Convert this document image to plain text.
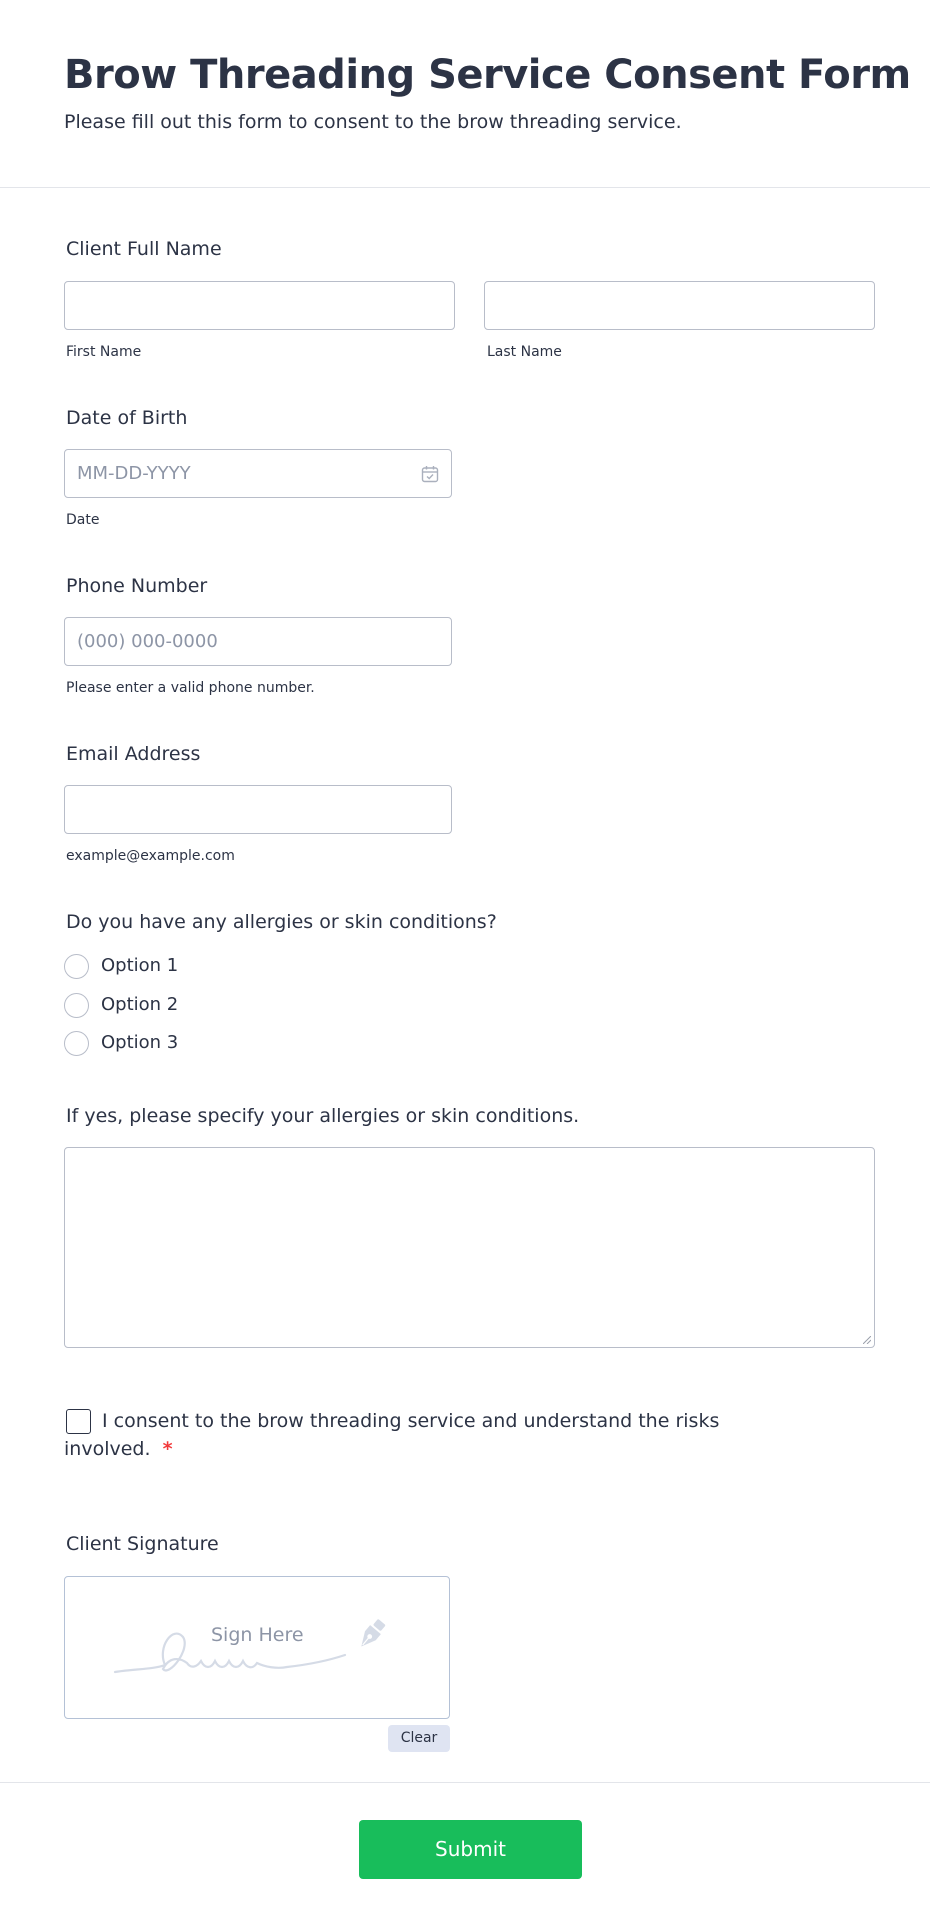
Brow Threading Service Consent Form

Please fill out this form to consent to the brow threading service.

Client Full Name
First Name	Last Name
Date of Birth
MM-DD-YYYY
Date
Phone Number
(000) 000-0000
Please enter a valid phone number.
Email Address
example@example.com
Do you have any allergies or skin conditions?
Option 1
Option 2
Option 3
If yes, please specify your allergies or skin conditions.
I consent to the brow threading service and understand the risks involved. *
Client Signature
Sign Here
Clear
Submit
